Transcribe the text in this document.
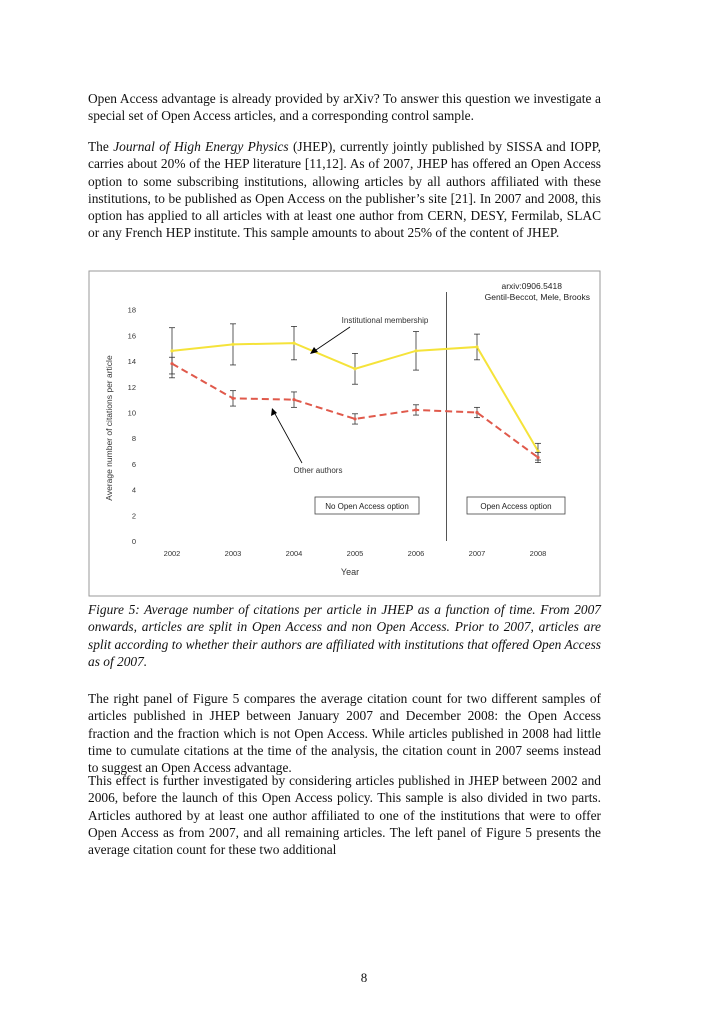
Open Access advantage is already provided by arXiv? To answer this question we investigate a special set of Open Access articles, and a corresponding control sample.

The Journal of High Energy Physics (JHEP), currently jointly published by SISSA and IOPP, carries about 20% of the HEP literature [11,12]. As of 2007, JHEP has offered an Open Access option to some subscribing institutions, allowing articles by all authors affiliated with these institutions, to be published as Open Access on the publisher’s site [21]. In 2007 and 2008, this option has applied to all articles with at least one author from CERN, DESY, Fermilab, SLAC or any French HEP institute. This sample amounts to about 25% of the content of JHEP.

arxiv:0906.5418
Gentil-Beccot, Mele, Brooks
Year
Average number of citations per article
0
2
4
6
8
10
12
14
16
18
2002	2003	2004	2005	2006	2007	2008
Institutional membership
Other authors
No Open Access option	Open Access option

Figure 5: Average number of citations per article in JHEP as a function of time. From 2007 onwards, articles are split in Open Access and non Open Access. Prior to 2007, articles are split according to whether their authors are affiliated with institutions that offered Open Access as of 2007.

The right panel of Figure 5 compares the average citation count for two different samples of articles published in JHEP between January 2007 and December 2008: the Open Access fraction and the fraction which is not Open Access. While articles published in 2008 had little time to cumulate citations at the time of the analysis, the citation count in 2007 seems instead to suggest an Open Access advantage.

This effect is further investigated by considering articles published in JHEP between 2002 and 2006, before the launch of this Open Access policy. This sample is also divided in two parts. Articles authored by at least one author affiliated to one of the institutions that were to offer Open Access as from 2007, and all remaining articles. The left panel of Figure 5 presents the average citation count for these two additional

8
